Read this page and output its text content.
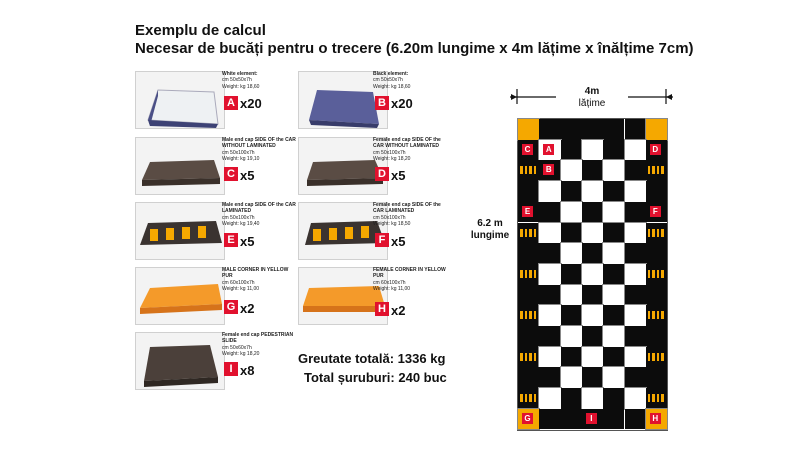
Exemplu de calcul
Necesar de bucăți pentru o trecere (6.20m lungime x 4m lățime x înălțime 7cm)
White element:
cm 50x50x7h
Weight: kg 18,60
A x20
Black element:
cm 50x50x7h
Weight: kg 18,60
B x20
Male end cap SIDE OF the CAR WITHOUT LAMINATED
cm 50x100x7h
Weight: kg 19,10
C x5
Female end cap SIDE OF the CAR WITHOUT LAMINATED
cm 50x100x7h
Weight: kg 18,20
D x5
Male end cap SIDE OF the CAR LAMINATED
cm 50x100x7h
Weight: kg 19,40
E x5
Female end cap SIDE OF the CAR LAMINATED
cm 50x100x7h
Weight: kg 18,50
F x5
MALE CORNER IN YELLOW PUR
cm 60x100x7h
Weight: kg 11,00
G x2
FEMALE CORNER IN YELLOW PUR
cm 60x100x7h
Weight: kg 11,00
H x2
Female end cap PEDESTRIAN SLIDE
cm 50x60x7h
Weight: kg 18,20
I x8
Greutate totală: 1336 kg
Total șuruburi: 240 buc
4m
lățime
6.2 m
lungime
C	A	D
B
E	F
G	I	H
